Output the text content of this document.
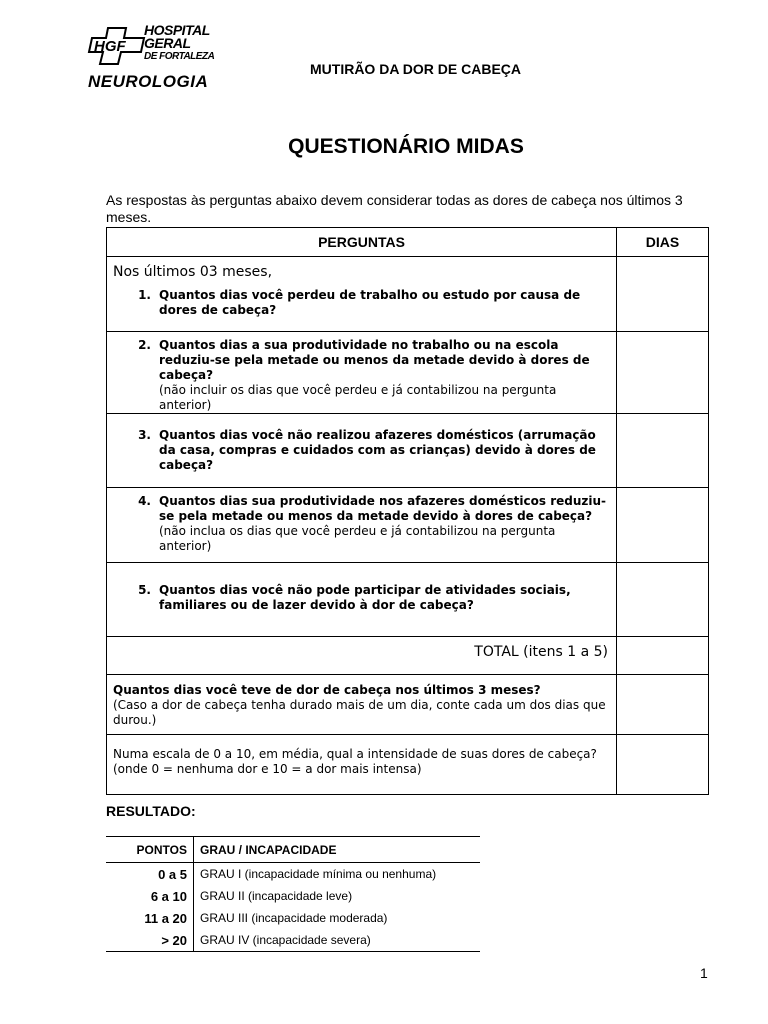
HGF
HOSPITAL
GERAL
DE FORTALEZA
NEUROLOGIA
MUTIRÃO DA DOR DE CABEÇA
QUESTIONÁRIO MIDAS
As respostas às perguntas abaixo devem considerar todas as dores de cabeça nos últimos 3 meses.
PERGUNTAS	DIAS

Nos últimos 03 meses,
1. Quantos dias você perdeu de trabalho ou estudo por causa de dores de cabeça?	

2. Quantos dias a sua produtividade no trabalho ou na escola reduziu-se pela metade ou menos da metade devido à dores de cabeça?
(não incluir os dias que você perdeu e já contabilizou na pergunta anterior)	

3. Quantos dias você não realizou afazeres domésticos (arrumação da casa, compras e cuidados com as crianças) devido à dores de cabeça?	

4. Quantos dias sua produtividade nos afazeres domésticos reduziu-se pela metade ou menos da metade devido à dores de cabeça?
(não inclua os dias que você perdeu e já contabilizou na pergunta anterior)	

5. Quantos dias você não pode participar de atividades sociais, familiares ou de lazer devido à dor de cabeça?	

TOTAL (itens 1 a 5)	

Quantos dias você teve de dor de cabeça nos últimos 3 meses?
(Caso a dor de cabeça tenha durado mais de um dia, conte cada um dos dias que durou.)	

Numa escala de 0 a 10, em média, qual a intensidade de suas dores de cabeça? (onde 0 = nenhuma dor e 10 = a dor mais intensa)	

RESULTADO:
PONTOS	GRAU / INCAPACIDADE
0 a 5	GRAU I (incapacidade mínima ou nenhuma)
6 a 10	GRAU II (incapacidade leve)
11 a 20	GRAU III (incapacidade moderada)
> 20	GRAU IV (incapacidade severa)
1
